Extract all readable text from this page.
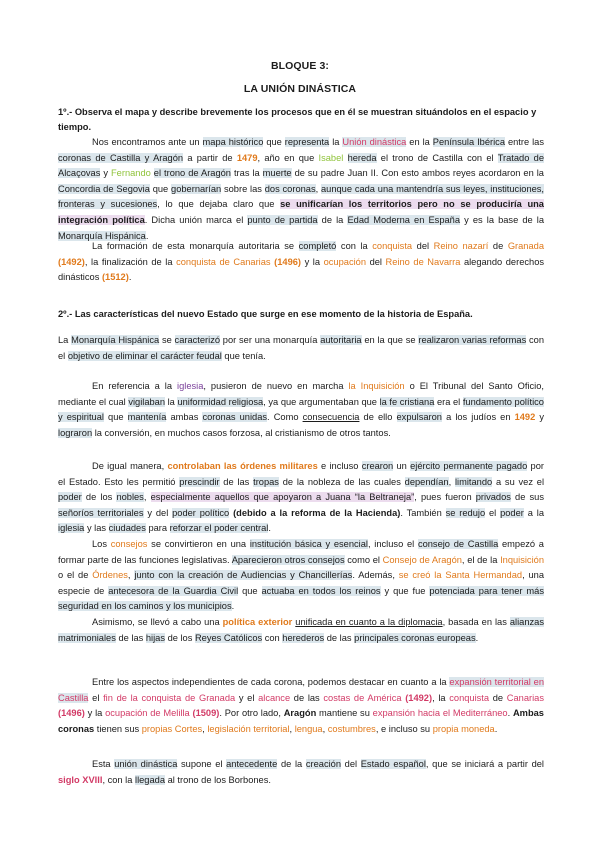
BLOQUE 3:
LA UNIÓN DINÁSTICA
1º.- Observa el mapa y describe brevemente los procesos que en él se muestran situándolos en el espacio y tiempo.
Nos encontramos ante un mapa histórico que representa la Unión dinástica en la Península Ibérica entre las coronas de Castilla y Aragón a partir de 1479, año en que Isabel hereda el trono de Castilla con el Tratado de Alcaçovas y Fernando el trono de Aragón tras la muerte de su padre Juan II. Con esto ambos reyes acordaron en la Concordia de Segovia que gobernarían sobre las dos coronas, aunque cada una mantendría sus leyes, instituciones, fronteras y sucesiones, lo que dejaba claro que se unificarían los territorios pero no se produciría una integración política. Dicha unión marca el punto de partida de la Edad Moderna en España y es la base de la Monarquía Hispánica.
La formación de esta monarquía autoritaria se completó con la conquista del Reino nazarí de Granada (1492), la finalización de la conquista de Canarias (1496) y la ocupación del Reino de Navarra alegando derechos dinásticos (1512).
2º.- Las características del nuevo Estado que surge en ese momento de la historia de España.
La Monarquía Hispánica se caracterizó por ser una monarquía autoritaria en la que se realizaron varias reformas con el objetivo de eliminar el carácter feudal que tenía.
En referencia a la iglesia, pusieron de nuevo en marcha la Inquisición o El Tribunal del Santo Oficio, mediante el cual vigilaban la uniformidad religiosa, ya que argumentaban que la fe cristiana era el fundamento político y espiritual que mantenía ambas coronas unidas. Como consecuencia de ello expulsaron a los judíos en 1492 y lograron la conversión, en muchos casos forzosa, al cristianismo de otros tantos.
De igual manera, controlaban las órdenes militares e incluso crearon un ejército permanente pagado por el Estado. Esto les permitió prescindir de las tropas de la nobleza de las cuales dependían, limitando a su vez el poder de los nobles, especialmente aquellos que apoyaron a Juana “la Beltraneja”, pues fueron privados de sus señoríos territoriales y del poder político (debido a la reforma de la Hacienda). También se redujo el poder a la iglesia y las ciudades para reforzar el poder central.
Los consejos se convirtieron en una institución básica y esencial, incluso el consejo de Castilla empezó a formar parte de las funciones legislativas. Aparecieron otros consejos como el Consejo de Aragón, el de la Inquisición o el de Órdenes, junto con la creación de Audiencias y Chancillerías. Además, se creó la Santa Hermandad, una especie de antecesora de la Guardia Civil que actuaba en todos los reinos y que fue potenciada para tener más seguridad en los caminos y los municipios.
Asimismo, se llevó a cabo una política exterior unificada en cuanto a la diplomacia, basada en las alianzas matrimoniales de las hijas de los Reyes Católicos con herederos de las principales coronas europeas.
Entre los aspectos independientes de cada corona, podemos destacar en cuanto a la expansión territorial en Castilla el fin de la conquista de Granada y el alcance de las costas de América (1492), la conquista de Canarias (1496) y la ocupación de Melilla (1509). Por otro lado, Aragón mantiene su expansión hacia el Mediterráneo. Ambas coronas tienen sus propias Cortes, legislación territorial, lengua, costumbres, e incluso su propia moneda.
Esta unión dinástica supone el antecedente de la creación del Estado español, que se iniciará a partir del siglo XVIII, con la llegada al trono de los Borbones.
